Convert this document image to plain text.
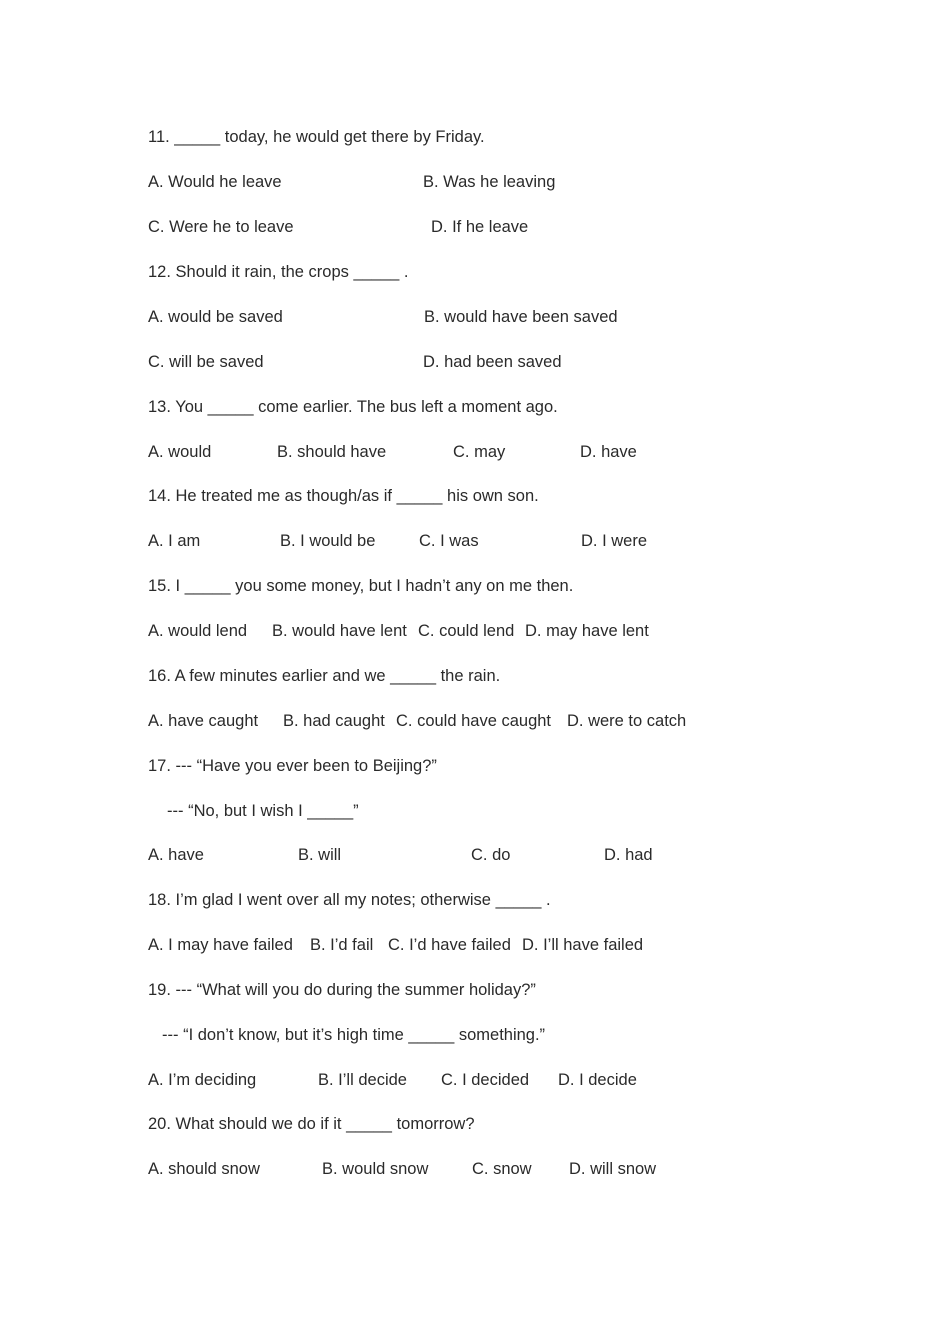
11. _____ today, he would get there by Friday.
A. Would he leave	B. Was he leaving
C. Were he to leave	D. If he leave
12. Should it rain, the crops _____ .
A. would be saved	B. would have been saved
C. will be saved	D. had been saved
13. You _____ come earlier. The bus left a moment ago.
A. would	B. should have	C. may	D. have
14. He treated me as though/as if _____ his own son.
A. I am	B. I would be	C. I was	D. I were
15. I _____ you some money, but I hadn’t any on me then.
A. would lend B. would have lent C. could lend D. may have lent
16. A few minutes earlier and we _____ the rain.
A. have caught B. had caught C. could have caught D. were to catch
17. --- “Have you ever been to Beijing?”
--- “No, but I wish I _____”
A. have	B. will	C. do	D. had
18. I’m glad I went over all my notes; otherwise _____ .
A. I may have failed B. I’d fail C. I’d have failed D. I’ll have failed
19. --- “What will you do during the summer holiday?”
--- “I don’t know, but it’s high time _____ something.”
A. I’m deciding	B. I’ll decide C. I decided D. I decide
20. What should we do if it _____ tomorrow?
A. should snow	B. would snow	C. snow D. will snow
